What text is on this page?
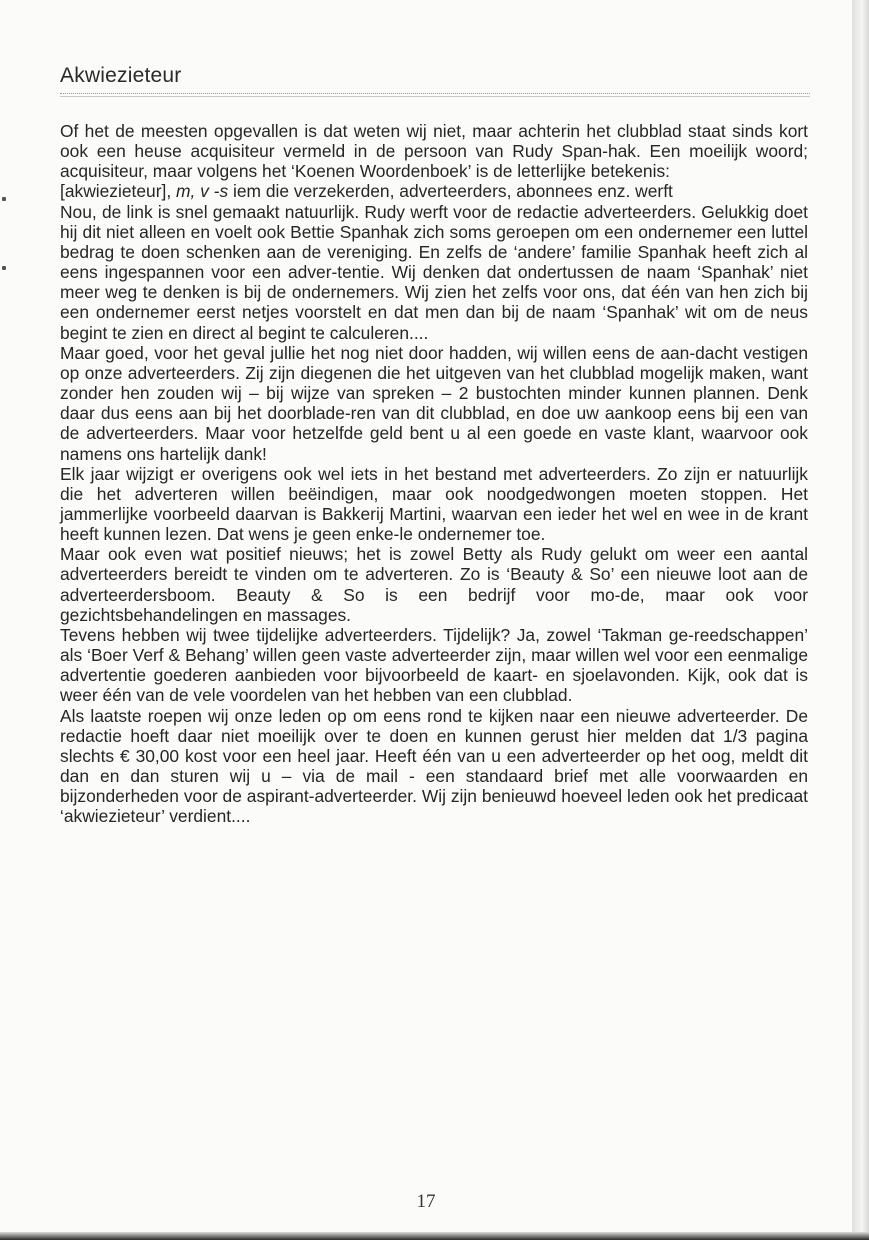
Akwiezieteur

Of het de meesten opgevallen is dat weten wij niet, maar achterin het clubblad staat sinds kort ook een heuse acquisiteur vermeld in de persoon van Rudy Span-hak. Een moeilijk woord; acquisiteur, maar volgens het ‘Koenen Woordenboek’ is de letterlijke betekenis:

[akwiezieteur], m, v -s iem die verzekerden, adverteerders, abonnees enz. werft

Nou, de link is snel gemaakt natuurlijk. Rudy werft voor de redactie adverteerders. Gelukkig doet hij dit niet alleen en voelt ook Bettie Spanhak zich soms geroepen om een ondernemer een luttel bedrag te doen schenken aan de vereniging. En zelfs de ‘andere’ familie Spanhak heeft zich al eens ingespannen voor een adver-tentie. Wij denken dat ondertussen de naam ‘Spanhak’ niet meer weg te denken is bij de ondernemers. Wij zien het zelfs voor ons, dat één van hen zich bij een ondernemer eerst netjes voorstelt en dat men dan bij de naam ‘Spanhak’ wit om de neus begint te zien en direct al begint te calculeren....

Maar goed, voor het geval jullie het nog niet door hadden, wij willen eens de aan-dacht vestigen op onze adverteerders. Zij zijn diegenen die het uitgeven van het clubblad mogelijk maken, want zonder hen zouden wij – bij wijze van spreken – 2 bustochten minder kunnen plannen. Denk daar dus eens aan bij het doorblade-ren van dit clubblad, en doe uw aankoop eens bij een van de adverteerders. Maar voor hetzelfde geld bent u al een goede en vaste klant, waarvoor ook namens ons hartelijk dank!

Elk jaar wijzigt er overigens ook wel iets in het bestand met adverteerders. Zo zijn er natuurlijk die het adverteren willen beëindigen, maar ook noodgedwongen moeten stoppen. Het jammerlijke voorbeeld daarvan is Bakkerij Martini, waarvan een ieder het wel en wee in de krant heeft kunnen lezen. Dat wens je geen enke-le ondernemer toe.

Maar ook even wat positief nieuws; het is zowel Betty als Rudy gelukt om weer een aantal adverteerders bereidt te vinden om te adverteren. Zo is ‘Beauty & So’ een nieuwe loot aan de adverteerdersboom. Beauty & So is een bedrijf voor mo-de, maar ook voor gezichtsbehandelingen en massages.

Tevens hebben wij twee tijdelijke adverteerders. Tijdelijk? Ja, zowel ‘Takman ge-reedschappen’ als ‘Boer Verf & Behang’ willen geen vaste adverteerder zijn, maar willen wel voor een eenmalige advertentie goederen aanbieden voor bijvoorbeeld de kaart- en sjoelavonden. Kijk, ook dat is weer één van de vele voordelen van het hebben van een clubblad.

Als laatste roepen wij onze leden op om eens rond te kijken naar een nieuwe adverteerder. De redactie hoeft daar niet moeilijk over te doen en kunnen gerust hier melden dat 1/3 pagina slechts € 30,00 kost voor een heel jaar. Heeft één van u een adverteerder op het oog, meldt dit dan en dan sturen wij u – via de mail - een standaard brief met alle voorwaarden en bijzonderheden voor de aspirant-adverteerder. Wij zijn benieuwd hoeveel leden ook het predicaat ‘akwiezieteur’ verdient....

17
